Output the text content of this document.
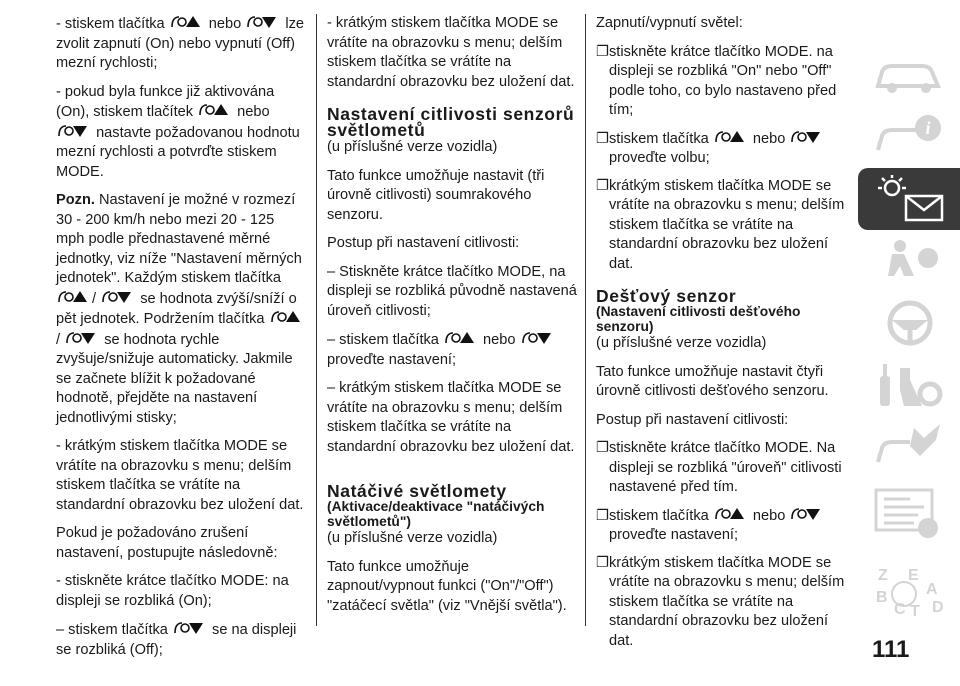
- stiskem tlačítka	nebo	lze zvolit zapnutí (On) nebo vypnutí (Off) mezní rychlosti;

- pokud byla funkce již aktivována (On), stiskem tlačítek	nebo
nastavte požadovanou hodnotu mezní rychlosti a potvrďte stiskem MODE.

Pozn. Nastavení je možné v rozmezí 30 - 200 km/h nebo mezi 20 - 125 mph podle přednastavené měrné jednotky, viz níže "Nastavení měrných jednotek". Každým stiskem tlačítka
/	se hodnota zvýší/sníží o pět jednotek. Podržením tlačítka
/	se hodnota rychle zvyšuje/snižuje automaticky. Jakmile se začnete blížit k požadované hodnotě, přejděte na nastavení jednotlivými stisky;

- krátkým stiskem tlačítka MODE se vrátíte na obrazovku s menu; delším stiskem tlačítka se vrátíte na standardní obrazovku bez uložení dat.

Pokud je požadováno zrušení nastavení, postupujte následovně:

- stiskněte krátce tlačítko MODE: na displeji se rozbliká (On);

– stiskem tlačítka	se na displeji se rozbliká (Off);

- krátkým stiskem tlačítka MODE se vrátíte na obrazovku s menu; delším stiskem tlačítka se vrátíte na standardní obrazovku bez uložení dat.

Nastavení citlivosti senzorů světlometů

(u příslušné verze vozidla)

Tato funkce umožňuje nastavit (tři úrovně citlivosti) soumrakového senzoru.

Postup při nastavení citlivosti:

– Stiskněte krátce tlačítko MODE, na displeji se rozbliká původně nastavená úroveň citlivosti;

– stiskem tlačítka	nebo
proveďte nastavení;

– krátkým stiskem tlačítka MODE se vrátíte na obrazovku s menu; delším stiskem tlačítka se vrátíte na standardní obrazovku bez uložení dat.

Natáčivé světlomety
(Aktivace/deaktivace "natáčivých světlometů")

(u příslušné verze vozidla)

Tato funkce umožňuje zapnout/vypnout funkci ("On"/"Off") "zatáčecí světla" (viz "Vnější světla").

Zapnutí/vypnutí světel:

❐stiskněte krátce tlačítko MODE. na displeji se rozbliká "On" nebo "Off" podle toho, co bylo nastaveno před tím;

❐stiskem tlačítka	nebo
proveďte volbu;

❐krátkým stiskem tlačítka MODE se vrátíte na obrazovku s menu; delším stiskem tlačítka se vrátíte na standardní obrazovku bez uložení dat.

Dešťový senzor
(Nastavení citlivosti dešťového senzoru)

(u příslušné verze vozidla)

Tato funkce umožňuje nastavit čtyři úrovně citlivosti dešťového senzoru.

Postup při nastavení citlivosti:

❐stiskněte krátce tlačítko MODE. Na displeji se rozbliká "úroveň" citlivosti nastavené před tím.

❐stiskem tlačítka	nebo
proveďte nastavení;

❐krátkým stiskem tlačítka MODE se vrátíte na obrazovku s menu; delším stiskem tlačítka se vrátíte na standardní obrazovku bez uložení dat.

i
Z E
A
B
C T D
111
